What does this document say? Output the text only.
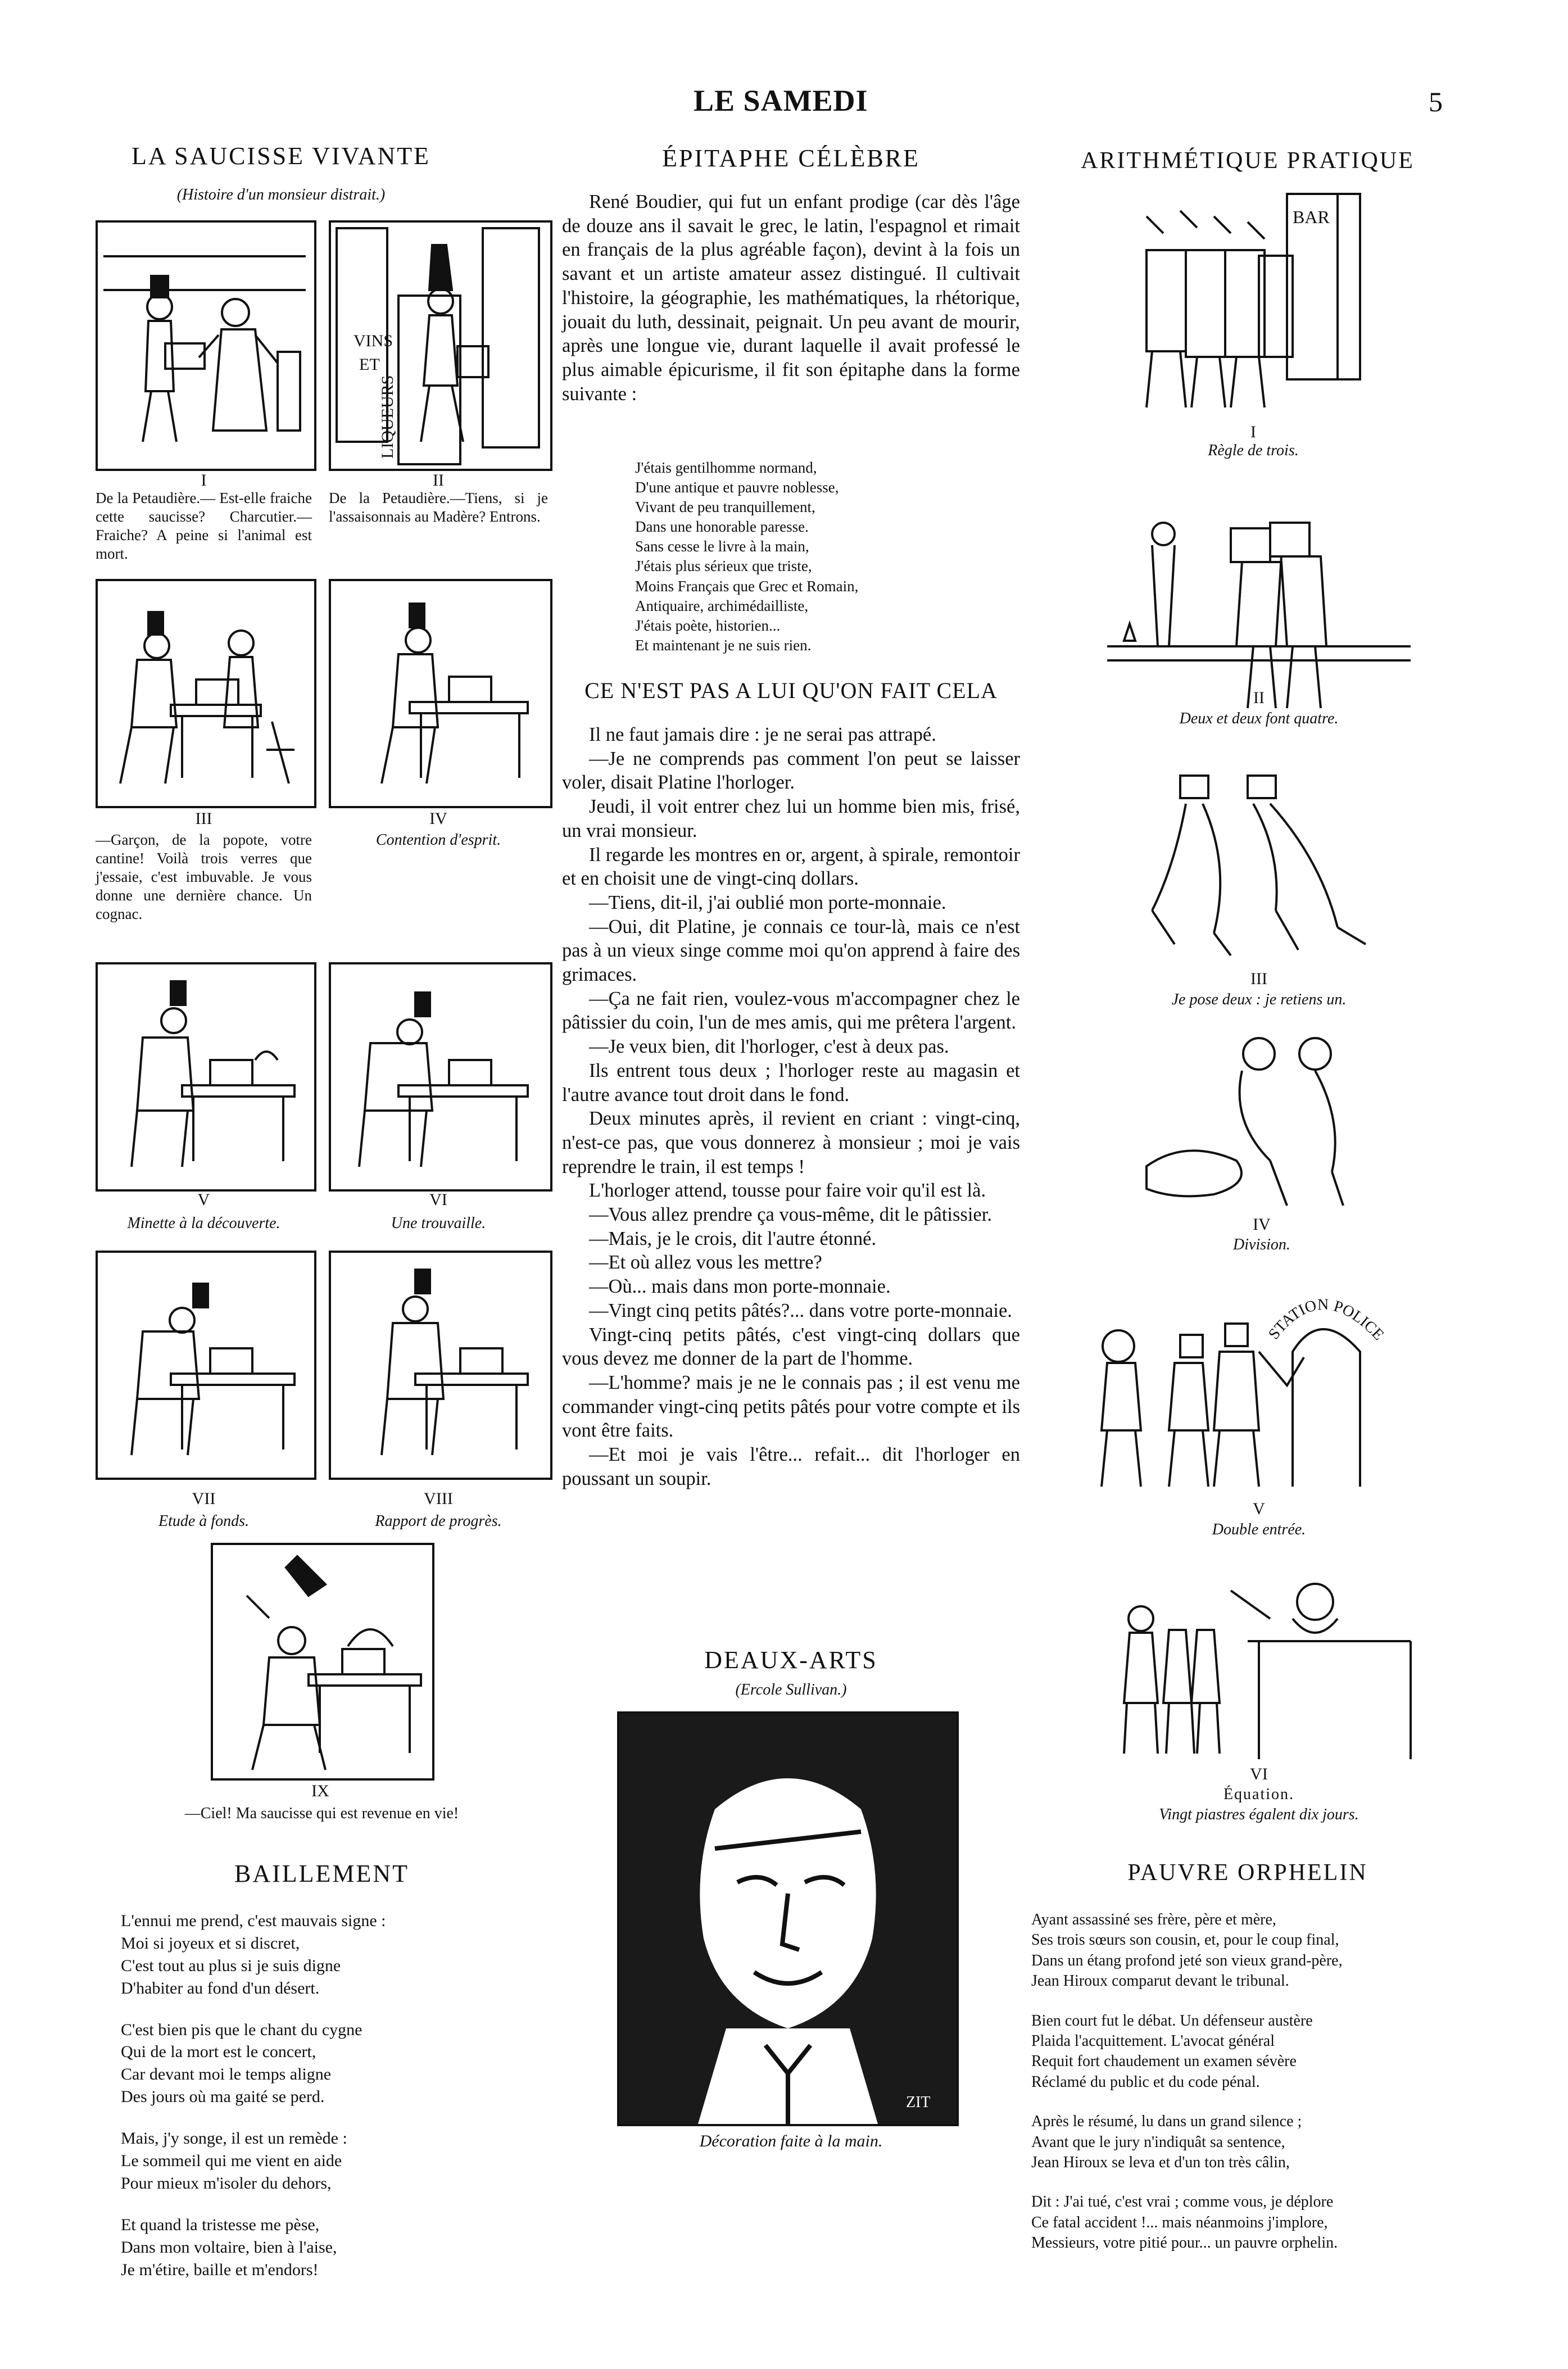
LE SAMEDI	5
LA SAUCISSE VIVANTE
(Histoire d'un monsieur distrait.)
VINS
ET
LIQUEURS
I
De la Petaudière.— Est-elle fraiche cette saucisse? Charcutier.—Fraiche? A peine si l'animal est mort.
II
De la Petaudière.—Tiens, si je l'assaisonnais au Madère? Entrons.
III
—Garçon, de la popote, votre cantine! Voilà trois verres que j'essaie, c'est imbuvable. Je vous donne une dernière chance. Un cognac.
IV
Contention d'esprit.
V
Minette à la découverte.
VI
Une trouvaille.
VII
Etude à fonds.
VIII
Rapport de progrès.
IX
—Ciel! Ma saucisse qui est revenue en vie!
BAILLEMENT

L'ennui me prend, c'est mauvais signe :
Moi si joyeux et si discret,
C'est tout au plus si je suis digne
D'habiter au fond d'un désert.

C'est bien pis que le chant du cygne
Qui de la mort est le concert,
Car devant moi le temps aligne
Des jours où ma gaité se perd.

Mais, j'y songe, il est un remède :
Le sommeil qui me vient en aide
Pour mieux m'isoler du dehors,

Et quand la tristesse me pèse,
Dans mon voltaire, bien à l'aise,
Je m'étire, baille et m'endors!

ÉPITAPHE CÉLÈBRE

René Boudier, qui fut un enfant prodige (car dès l'âge de douze ans il savait le grec, le latin, l'espagnol et rimait en français de la plus agréable façon), devint à la fois un savant et un artiste amateur assez distingué. Il cultivait l'histoire, la géographie, les mathématiques, la rhétorique, jouait du luth, dessinait, peignait. Un peu avant de mourir, après une longue vie, durant laquelle il avait professé le plus aimable épicurisme, il fit son épitaphe dans la forme suivante :

J'étais gentilhomme normand,
D'une antique et pauvre noblesse,
Vivant de peu tranquillement,
Dans une honorable paresse.
Sans cesse le livre à la main,
J'étais plus sérieux que triste,
Moins Français que Grec et Romain,
Antiquaire, archimédailliste,
J'étais poète, historien...
Et maintenant je ne suis rien.
CE N'EST PAS A LUI QU'ON FAIT CELA

Il ne faut jamais dire : je ne serai pas attrapé.

—Je ne comprends pas comment l'on peut se laisser voler, disait Platine l'horloger.

Jeudi, il voit entrer chez lui un homme bien mis, frisé, un vrai monsieur.

Il regarde les montres en or, argent, à spirale, remontoir et en choisit une de vingt-cinq dollars.

—Tiens, dit-il, j'ai oublié mon porte-monnaie.

—Oui, dit Platine, je connais ce tour-là, mais ce n'est pas à un vieux singe comme moi qu'on apprend à faire des grimaces.

—Ça ne fait rien, voulez-vous m'accompagner chez le pâtissier du coin, l'un de mes amis, qui me prêtera l'argent.

—Je veux bien, dit l'horloger, c'est à deux pas.

Ils entrent tous deux ; l'horloger reste au magasin et l'autre avance tout droit dans le fond.

Deux minutes après, il revient en criant : vingt-cinq, n'est-ce pas, que vous donnerez à monsieur ; moi je vais reprendre le train, il est temps !

L'horloger attend, tousse pour faire voir qu'il est là.

—Vous allez prendre ça vous-même, dit le pâtissier.

—Mais, je le crois, dit l'autre étonné.

—Et où allez vous les mettre?

—Où... mais dans mon porte-monnaie.

—Vingt cinq petits pâtés?... dans votre porte-monnaie.

Vingt-cinq petits pâtés, c'est vingt-cinq dollars que vous devez me donner de la part de l'homme.

—L'homme? mais je ne le connais pas ; il est venu me commander vingt-cinq petits pâtés pour votre compte et ils vont être faits.

—Et moi je vais l'être... refait... dit l'horloger en poussant un soupir.

DEAUX-ARTS
(Ercole Sullivan.)
ZIT
Décoration faite à la main.
ARITHMÉTIQUE PRATIQUE
BAR
I
Règle de trois.
II
Deux et deux font quatre.
III
Je pose deux : je retiens un.
IV
Division.
STATION POLICE
V
Double entrée.
VI
Équation.
Vingt piastres égalent dix jours.
PAUVRE ORPHELIN

Ayant assassiné ses frère, père et mère,
Ses trois sœurs son cousin, et, pour le coup final,
Dans un étang profond jeté son vieux grand-père,
Jean Hiroux comparut devant le tribunal.

Bien court fut le débat. Un défenseur austère
Plaida l'acquittement. L'avocat général
Requit fort chaudement un examen sévère
Réclamé du public et du code pénal.

Après le résumé, lu dans un grand silence ;
Avant que le jury n'indiquât sa sentence,
Jean Hiroux se leva et d'un ton très câlin,

Dit : J'ai tué, c'est vrai ; comme vous, je déplore
Ce fatal accident !... mais néanmoins j'implore,
Messieurs, votre pitié pour... un pauvre orphelin.
